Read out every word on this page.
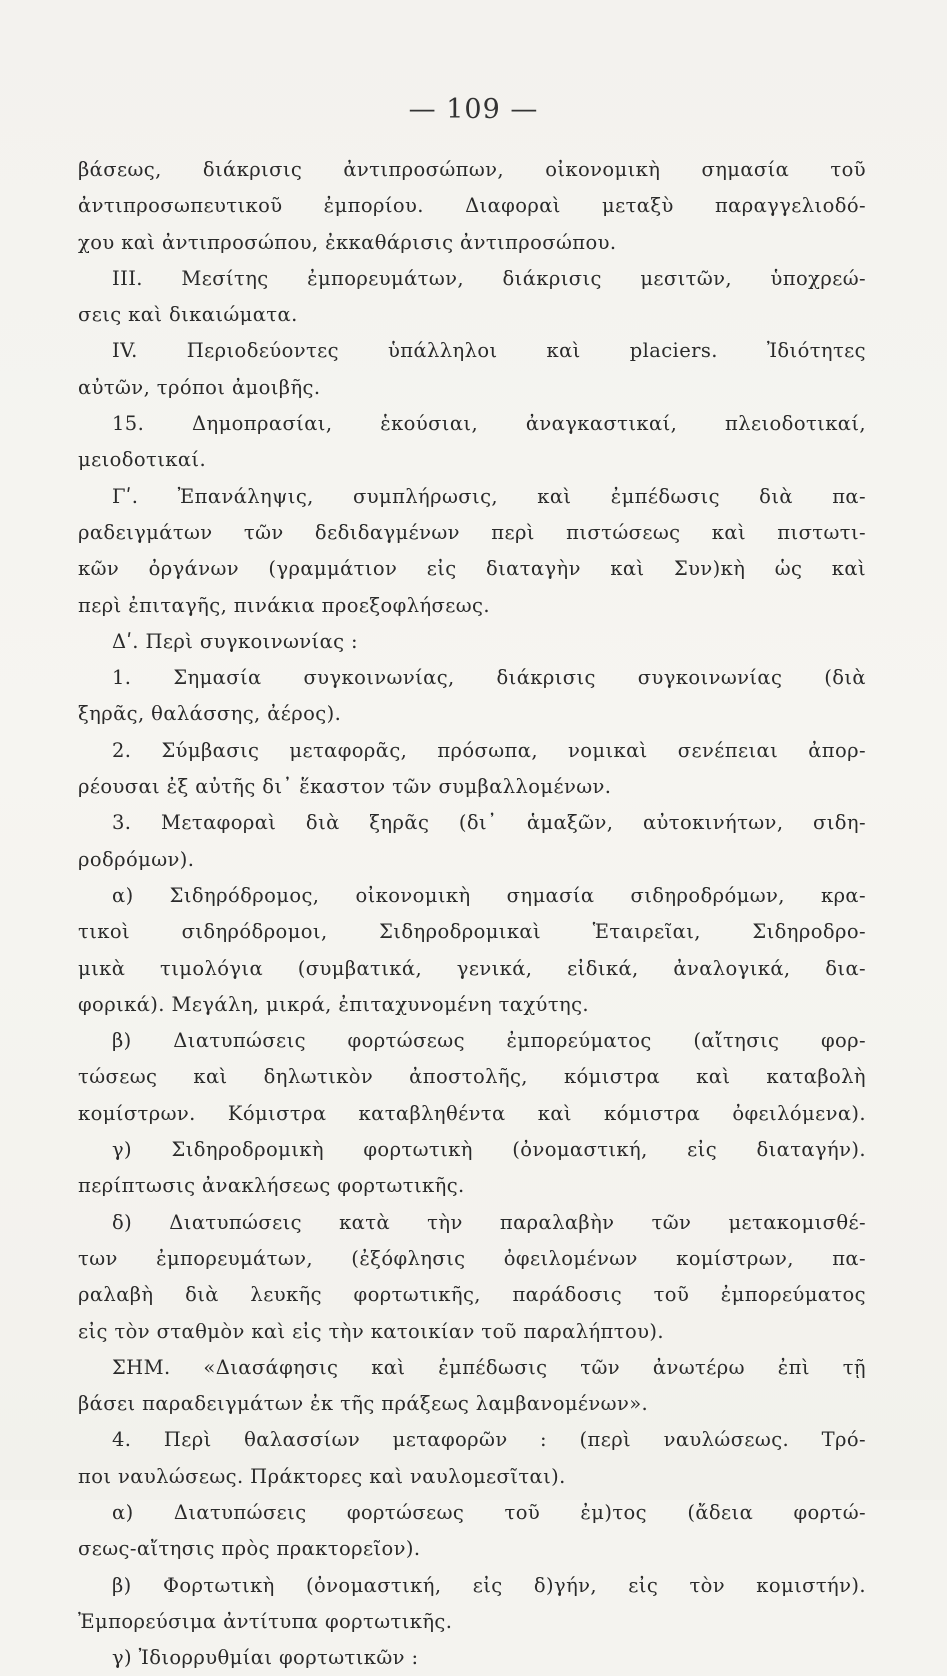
— 109 —
βάσεως, διάκρισις ἀντιπροσώπων, οἰκονομικὴ σημασία τοῦ
ἀντιπροσωπευτικοῦ ἐμπορίου. Διαφοραὶ μεταξὺ παραγγελιοδό-
χου καὶ ἀντιπροσώπου, ἐκκαθάρισις ἀντιπροσώπου.
III. Μεσίτης ἐμπορευμάτων, διάκρισις μεσιτῶν, ὑποχρεώ-
σεις καὶ δικαιώματα.
IV. Περιοδεύοντες ὑπάλληλοι καὶ placiers. Ἰδιότητες
αὐτῶν, τρόποι ἀμοιβῆς.
15. Δημοπρασίαι, ἑκούσιαι, ἀναγκαστικαί, πλειοδοτικαί,
μειοδοτικαί.
Γʹ. Ἐπανάληψις, συμπλήρωσις, καὶ ἐμπέδωσις διὰ πα-
ραδειγμάτων τῶν δεδιδαγμένων περὶ πιστώσεως καὶ πιστωτι-
κῶν ὀργάνων (γραμμάτιον εἰς διαταγὴν καὶ Συν)κὴ ὡς καὶ
περὶ ἐπιταγῆς, πινάκια προεξοφλήσεως.
Δʹ. Περὶ συγκοινωνίας :
1. Σημασία συγκοινωνίας, διάκρισις συγκοινωνίας (διὰ
ξηρᾶς, θαλάσσης, ἀέρος).
2. Σύμβασις μεταφορᾶς, πρόσωπα, νομικαὶ σενέπειαι ἀπορ-
ρέουσαι ἐξ αὐτῆς δι᾽ ἕκαστον τῶν συμβαλλομένων.
3. Μεταφοραὶ διὰ ξηρᾶς (δι᾽ ἁμαξῶν, αὐτοκινήτων, σιδη-
ροδρόμων).
α) Σιδηρόδρομος, οἰκονομικὴ σημασία σιδηροδρόμων, κρα-
τικοὶ σιδηρόδρομοι, Σιδηροδρομικαὶ Ἑταιρεῖαι, Σιδηροδρο-
μικὰ τιμολόγια (συμβατικά, γενικά, εἰδικά, ἀναλογικά, δια-
φορικά). Μεγάλη, μικρά, ἐπιταχυνομένη ταχύτης.
β) Διατυπώσεις φορτώσεως ἐμπορεύματος (αἴτησις φορ-
τώσεως καὶ δηλωτικὸν ἀποστολῆς, κόμιστρα καὶ καταβολὴ
κομίστρων. Κόμιστρα καταβληθέντα καὶ κόμιστρα ὀφειλόμενα).
γ) Σιδηροδρομικὴ φορτωτικὴ (ὀνομαστική, εἰς διαταγήν).
περίπτωσις ἀνακλήσεως φορτωτικῆς.
δ) Διατυπώσεις κατὰ τὴν παραλαβὴν τῶν μετακομισθέ-
των ἐμπορευμάτων, (ἐξόφλησις ὀφειλομένων κομίστρων, πα-
ραλαβὴ διὰ λευκῆς φορτωτικῆς, παράδοσις τοῦ ἐμπορεύματος
εἰς τὸν σταθμὸν καὶ εἰς τὴν κατοικίαν τοῦ παραλήπτου).
ΣΗΜ. «Διασάφησις καὶ ἐμπέδωσις τῶν ἀνωτέρω ἐπὶ τῇ
βάσει παραδειγμάτων ἐκ τῆς πράξεως λαμβανομένων».
4. Περὶ θαλασσίων μεταφορῶν : (περὶ ναυλώσεως. Τρό-
ποι ναυλώσεως. Πράκτορες καὶ ναυλομεσῖται).
α) Διατυπώσεις φορτώσεως τοῦ ἐμ)τος (ἄδεια φορτώ-
σεως-αἴτησις πρὸς πρακτορεῖον).
β) Φορτωτικὴ (ὀνομαστική, εἰς δ)γήν, εἰς τὸν κομιστήν).
Ἐμπορεύσιμα ἀντίτυπα φορτωτικῆς.
γ) Ἰδιορρυθμίαι φορτωτικῶν :
